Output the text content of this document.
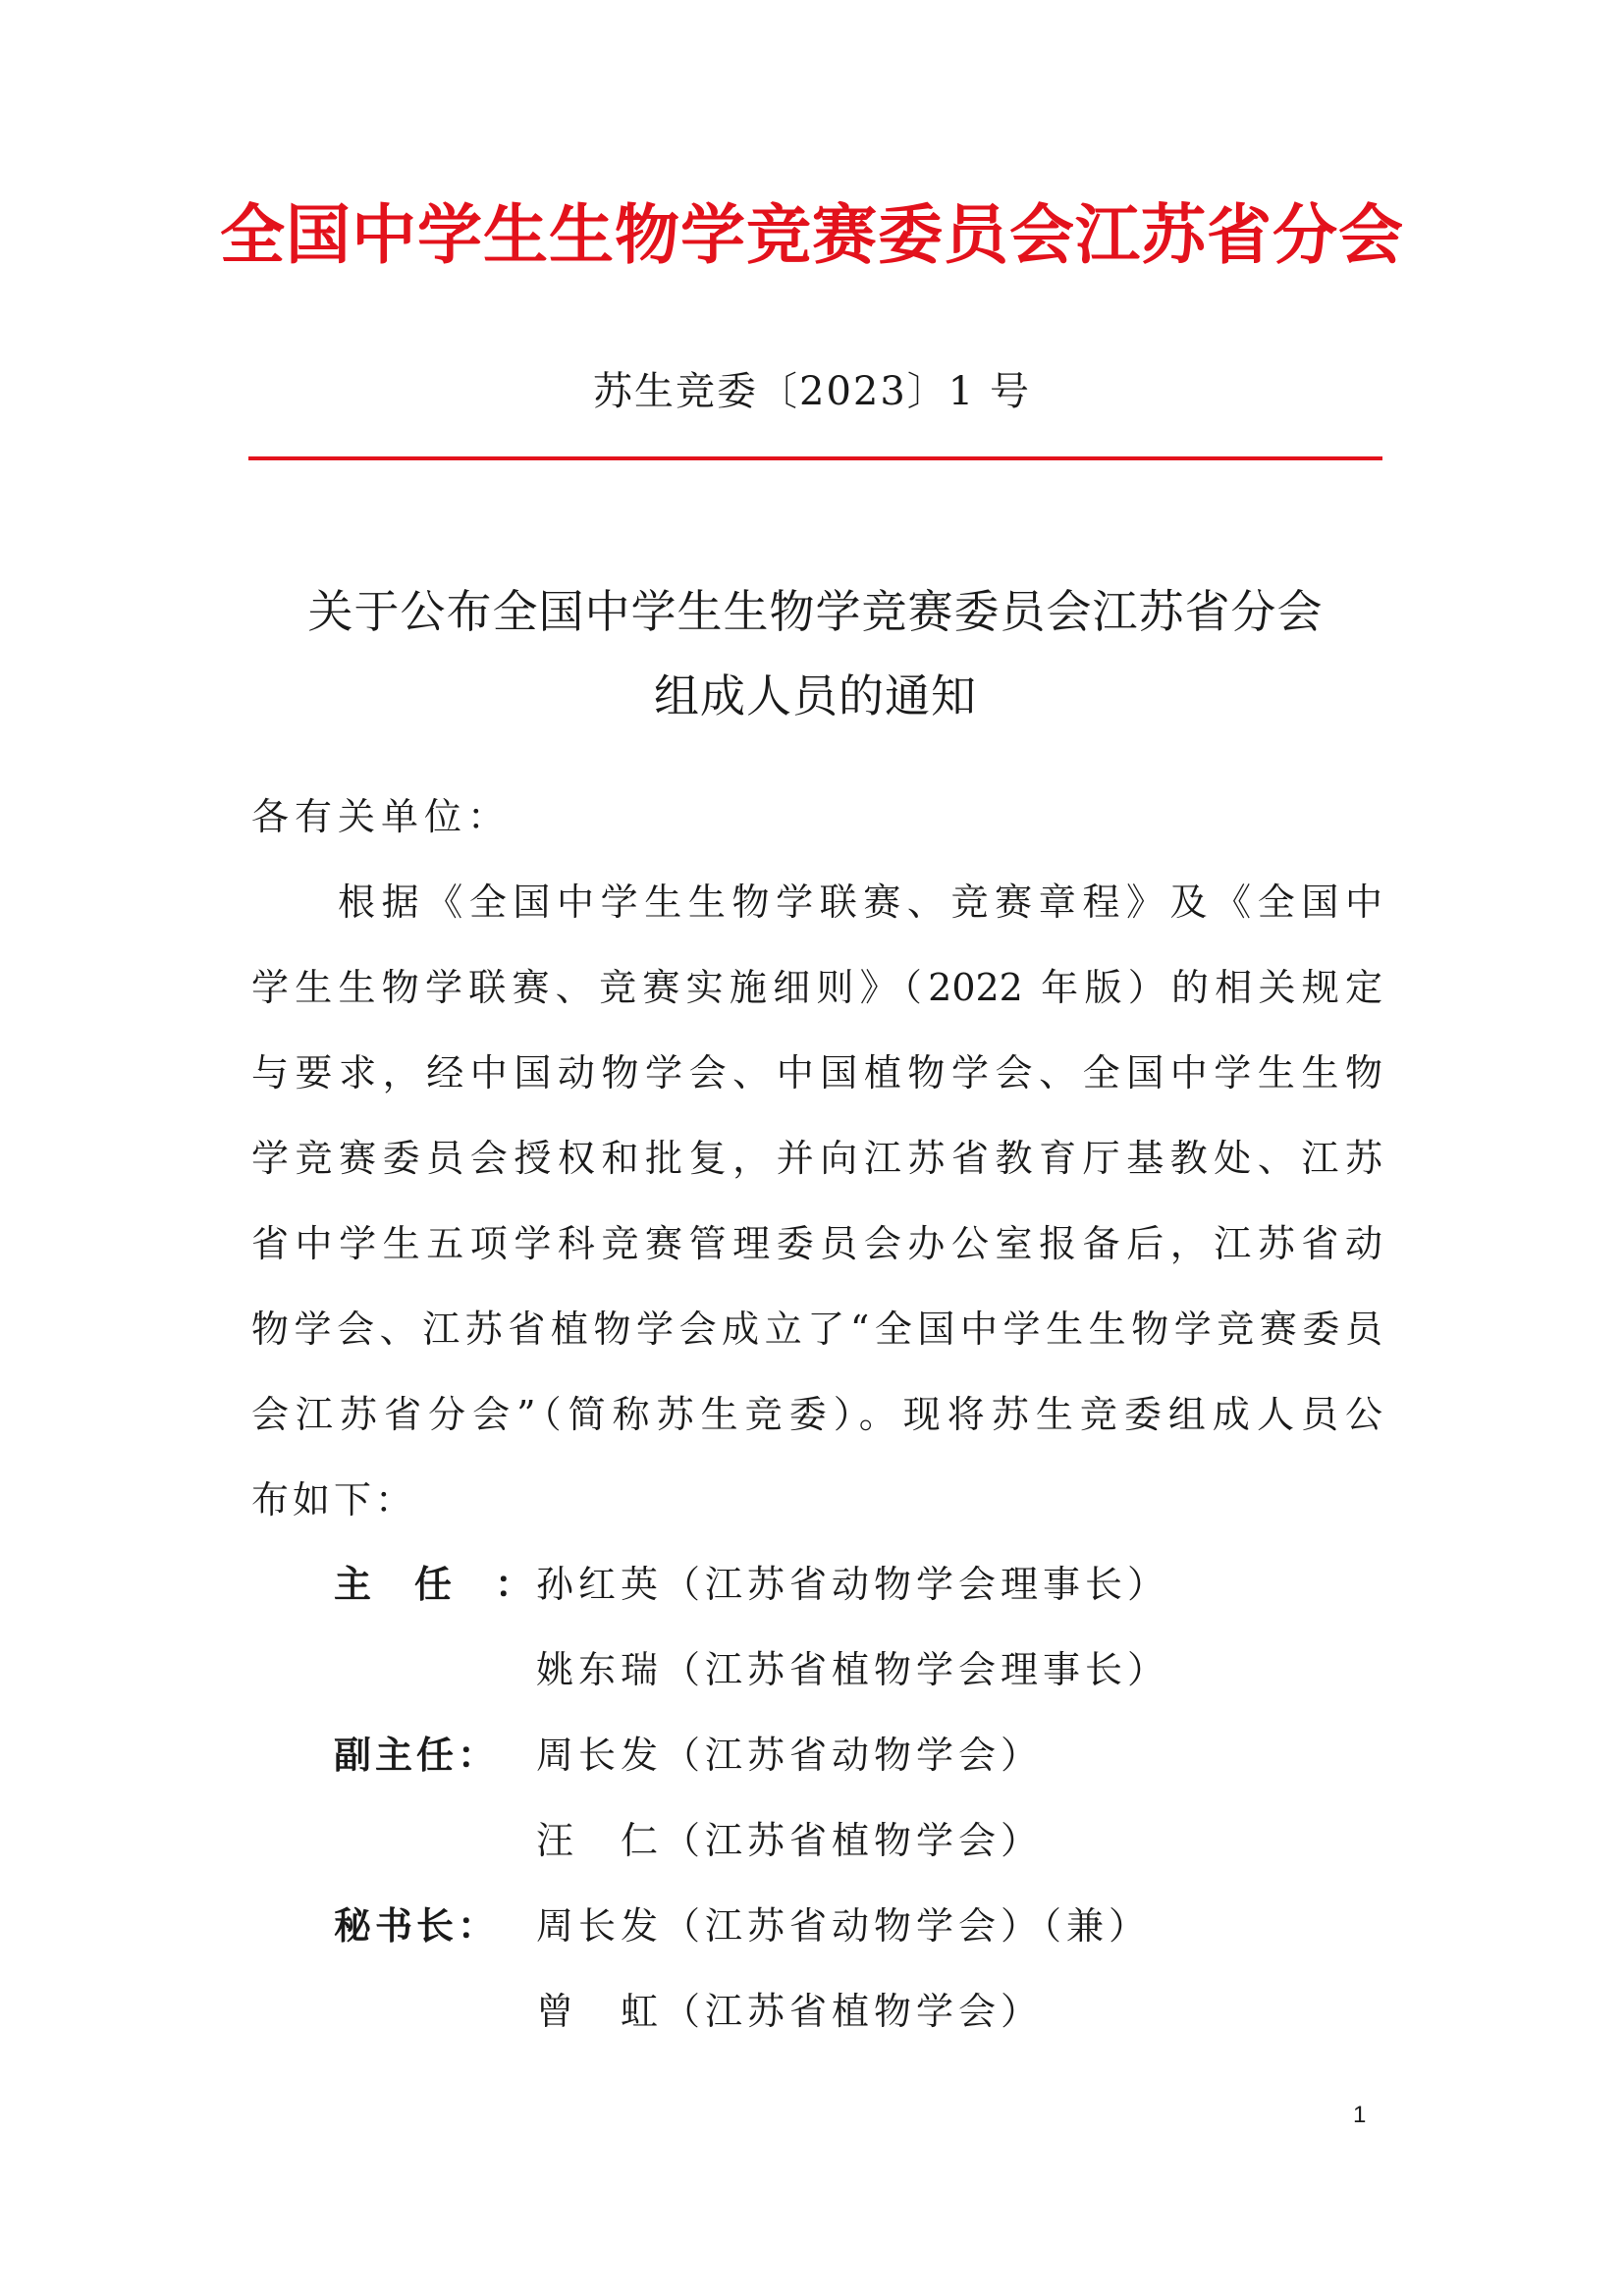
全国中学生生物学竞赛委员会江苏省分会
苏生竞委〔2023〕1 号
关于公布全国中学生生物学竞赛委员会江苏省分会
组成人员的通知
各有关单位：
根据《全国中学生生物学联赛、竞赛章程》及《全国中
学生生物学联赛、竞赛实施细则》（2022 年版）的相关规定
与要求，经中国动物学会、中国植物学会、全国中学生生物
学竞赛委员会授权和批复，并向江苏省教育厅基教处、江苏
省中学生五项学科竞赛管理委员会办公室报备后，江苏省动
物学会、江苏省植物学会成立了“全国中学生生物学竞赛委员
会江苏省分会”（简称苏生竞委）。现将苏生竞委组成人员公
布如下：
主任：
孙红英（江苏省动物学会理事长）
姚东瑞（江苏省植物学会理事长）
副主任： 周长发（江苏省动物学会）
汪　仁（江苏省植物学会）
秘书长： 周长发（江苏省动物学会）（兼）
曾　虹（江苏省植物学会）
1
